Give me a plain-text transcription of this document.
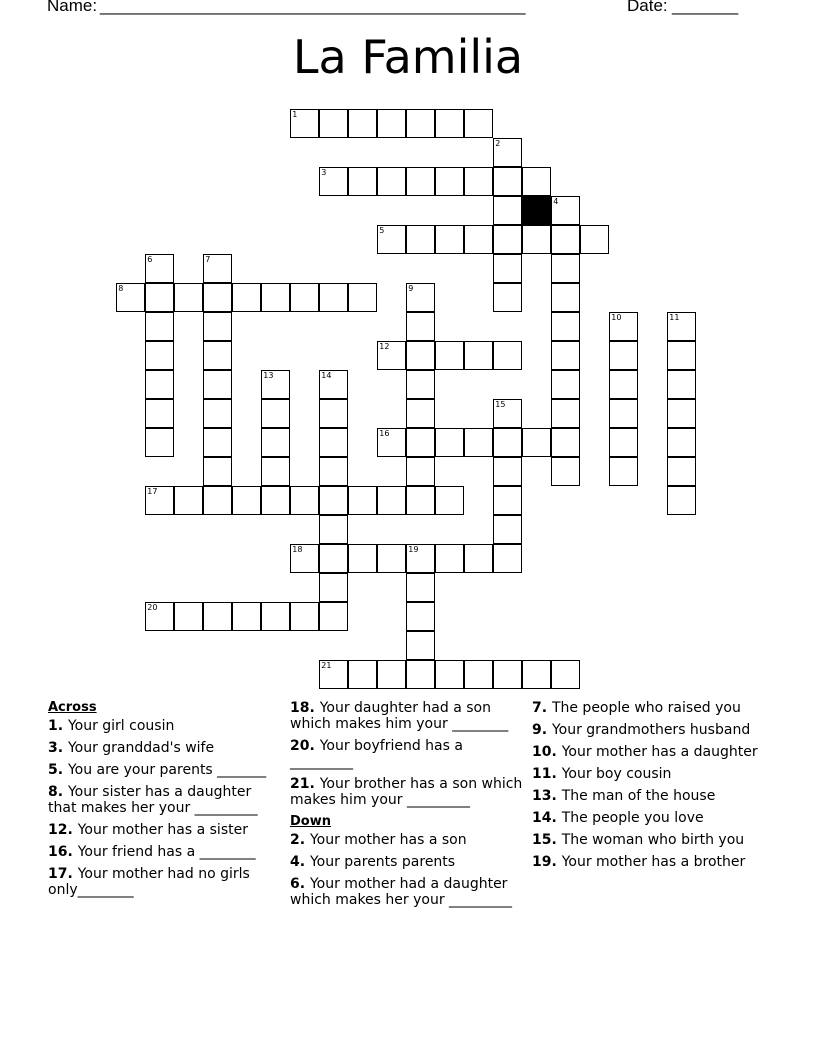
Name: _____________________________________________	Date: _______
La Familia
1
2
3
4
5
6	7
8	9
10	11
12
13	14
15
16
17
18	19
20
21
Across
1. Your girl cousin
3. Your granddad's wife
5. You are your parents _______
8. Your sister has a daughter that makes her your _________
12. Your mother has a sister
16. Your friend has a ________
17. Your mother had no girls only________
18. Your daughter had a son which makes him your ________
20. Your boyfriend has a _________
21. Your brother has a son which makes him your _________
Down
2. Your mother has a son
4. Your parents parents
6. Your mother had a daughter which makes her your _________
7. The people who raised you
9. Your grandmothers husband
10. Your mother has a daughter
11. Your boy cousin
13. The man of the house
14. The people you love
15. The woman who birth you
19. Your mother has a brother
